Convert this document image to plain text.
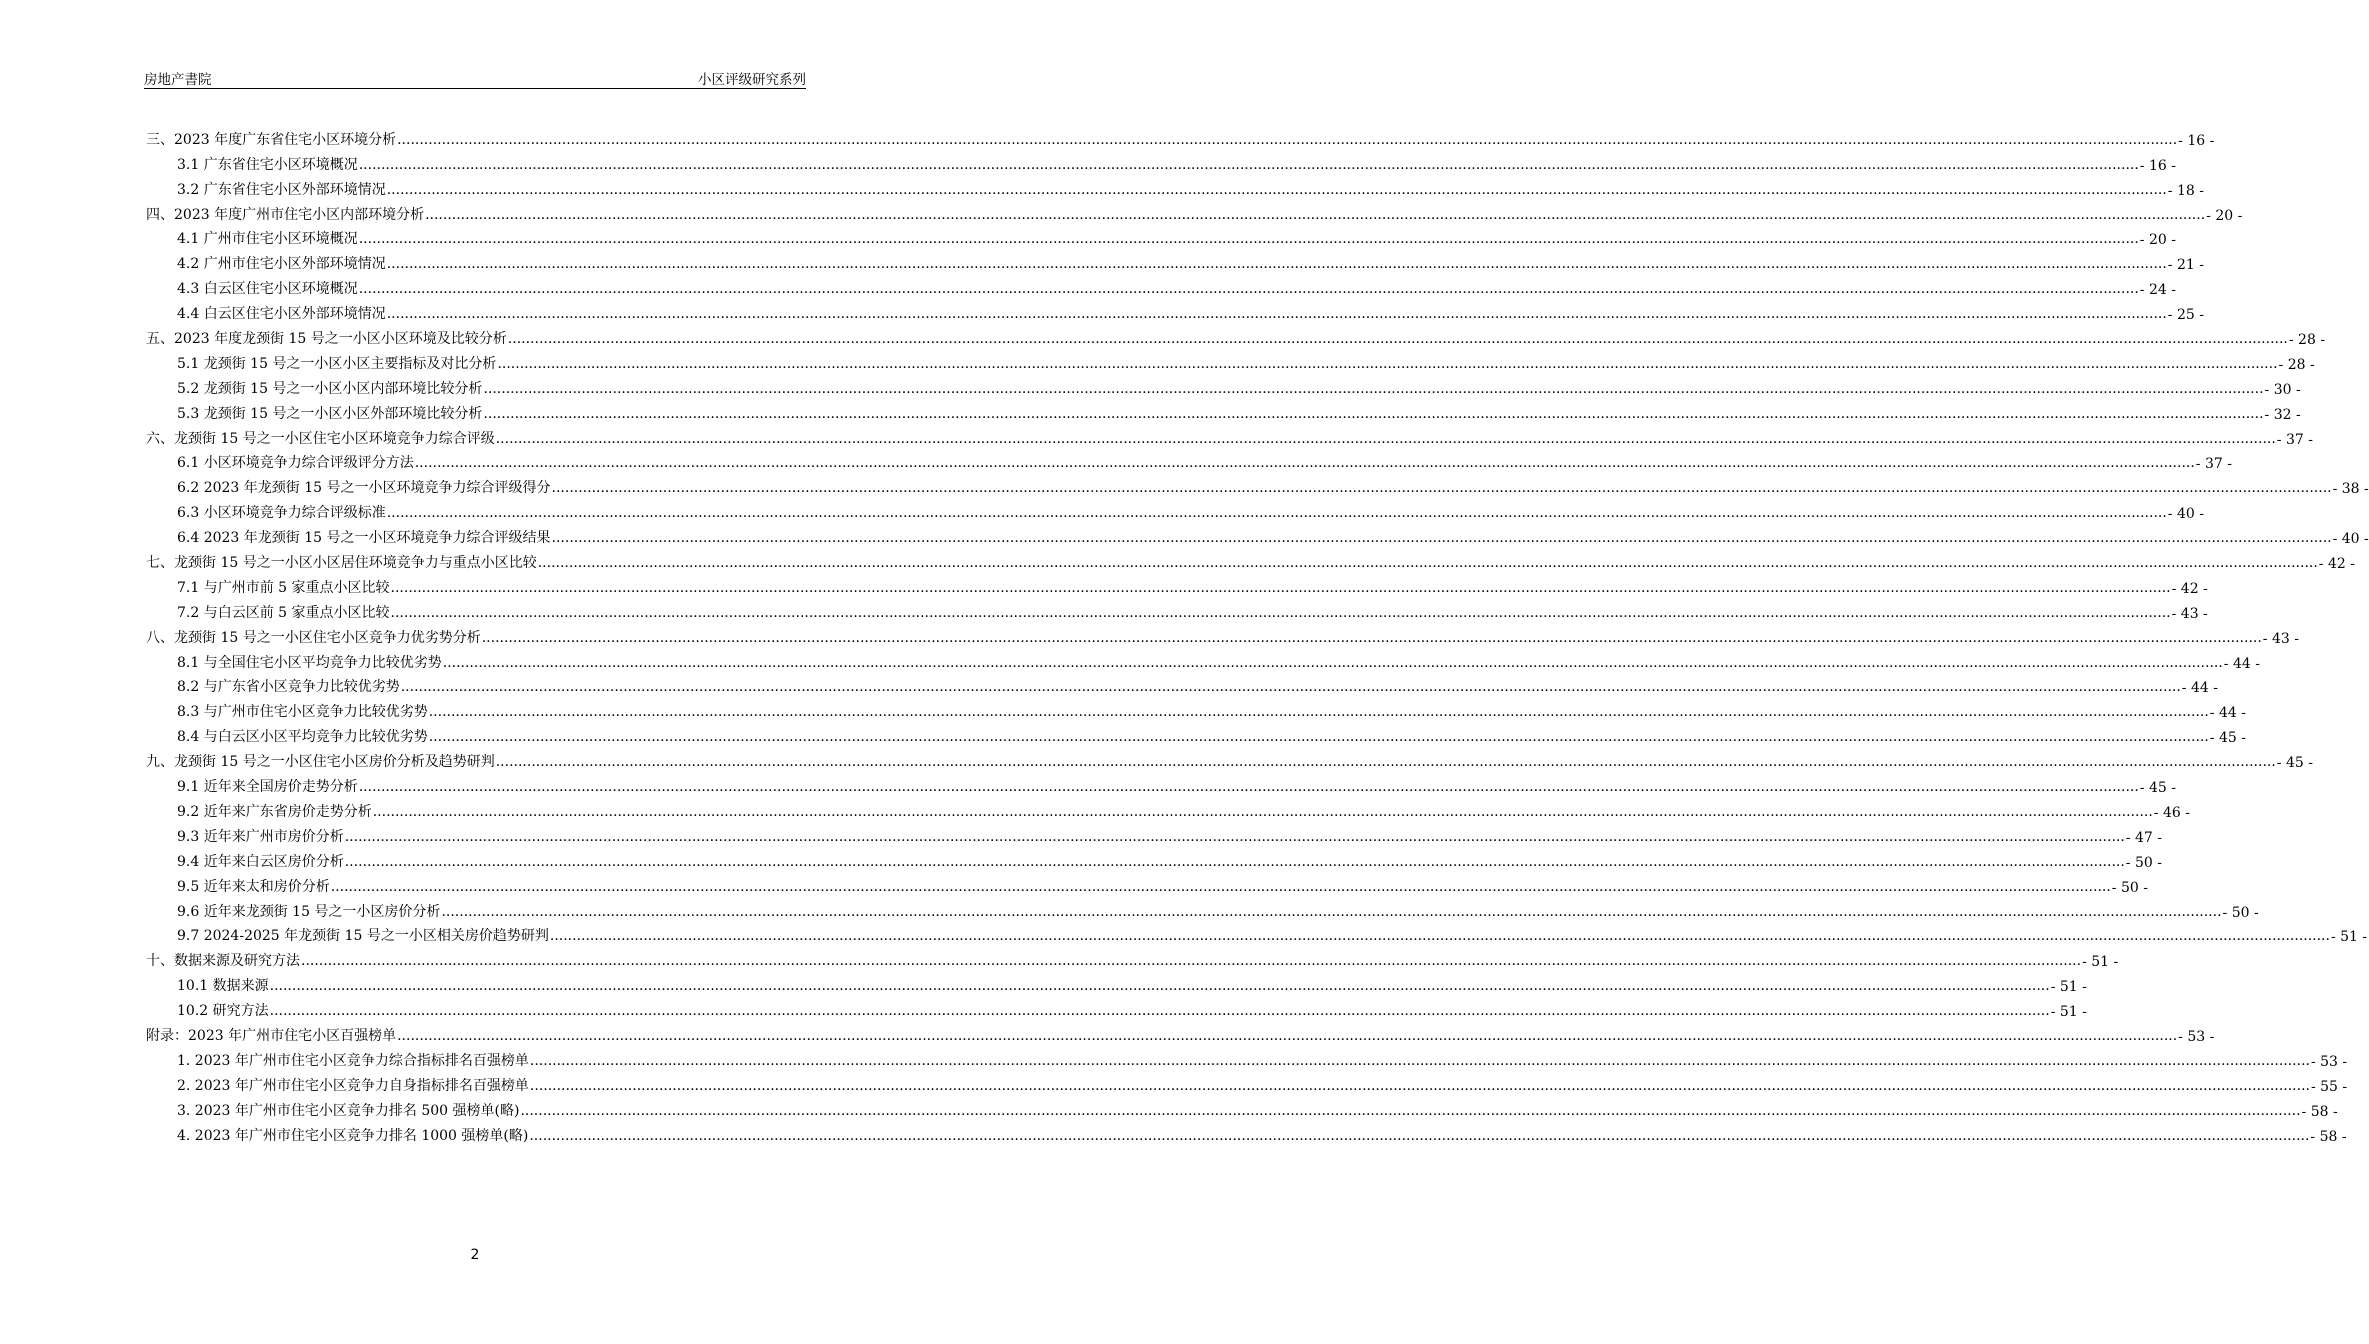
房地产書院	小区评级研究系列
三、2023 年度广东省住宅小区环境分析 ................................................................................................................................................................................................................................................................................................................................................................................................................ - 16 -
3.1 广东省住宅小区环境概况 ................................................................................................................................................................................................................................................................................................................................................................................................................ - 16 -
3.2 广东省住宅小区外部环境情况 ................................................................................................................................................................................................................................................................................................................................................................................................................ - 18 -
四、2023 年度广州市住宅小区内部环境分析 ................................................................................................................................................................................................................................................................................................................................................................................................................ - 20 -
4.1 广州市住宅小区环境概况 ................................................................................................................................................................................................................................................................................................................................................................................................................ - 20 -
4.2 广州市住宅小区外部环境情况 ................................................................................................................................................................................................................................................................................................................................................................................................................ - 21 -
4.3 白云区住宅小区环境概况 ................................................................................................................................................................................................................................................................................................................................................................................................................ - 24 -
4.4 白云区住宅小区外部环境情况 ................................................................................................................................................................................................................................................................................................................................................................................................................ - 25 -
五、2023 年度龙颈街 15 号之一小区小区环境及比较分析 ................................................................................................................................................................................................................................................................................................................................................................................................................ - 28 -
5.1 龙颈街 15 号之一小区小区主要指标及对比分析 ................................................................................................................................................................................................................................................................................................................................................................................................................ - 28 -
5.2 龙颈街 15 号之一小区小区内部环境比较分析 ................................................................................................................................................................................................................................................................................................................................................................................................................ - 30 -
5.3 龙颈街 15 号之一小区小区外部环境比较分析 ................................................................................................................................................................................................................................................................................................................................................................................................................ - 32 -
六、龙颈街 15 号之一小区住宅小区环境竞争力综合评级 ................................................................................................................................................................................................................................................................................................................................................................................................................ - 37 -
6.1 小区环境竞争力综合评级评分方法 ................................................................................................................................................................................................................................................................................................................................................................................................................ - 37 -
6.2 2023 年龙颈街 15 号之一小区环境竞争力综合评级得分 ................................................................................................................................................................................................................................................................................................................................................................................................................ - 38 -
6.3 小区环境竞争力综合评级标准 ................................................................................................................................................................................................................................................................................................................................................................................................................ - 40 -
6.4 2023 年龙颈街 15 号之一小区环境竞争力综合评级结果 ................................................................................................................................................................................................................................................................................................................................................................................................................ - 40 -
七、龙颈街 15 号之一小区小区居住环境竞争力与重点小区比较 ................................................................................................................................................................................................................................................................................................................................................................................................................ - 42 -
7.1 与广州市前 5 家重点小区比较 ................................................................................................................................................................................................................................................................................................................................................................................................................ - 42 -
7.2 与白云区前 5 家重点小区比较 ................................................................................................................................................................................................................................................................................................................................................................................................................ - 43 -
八、龙颈街 15 号之一小区住宅小区竞争力优劣势分析 ................................................................................................................................................................................................................................................................................................................................................................................................................ - 43 -
8.1 与全国住宅小区平均竞争力比较优劣势 ................................................................................................................................................................................................................................................................................................................................................................................................................ - 44 -
8.2 与广东省小区竞争力比较优劣势 ................................................................................................................................................................................................................................................................................................................................................................................................................ - 44 -
8.3 与广州市住宅小区竞争力比较优劣势 ................................................................................................................................................................................................................................................................................................................................................................................................................ - 44 -
8.4 与白云区小区平均竞争力比较优劣势 ................................................................................................................................................................................................................................................................................................................................................................................................................ - 45 -
九、龙颈街 15 号之一小区住宅小区房价分析及趋势研判 ................................................................................................................................................................................................................................................................................................................................................................................................................ - 45 -
9.1 近年来全国房价走势分析 ................................................................................................................................................................................................................................................................................................................................................................................................................ - 45 -
9.2 近年来广东省房价走势分析 ................................................................................................................................................................................................................................................................................................................................................................................................................ - 46 -
9.3 近年来广州市房价分析 ................................................................................................................................................................................................................................................................................................................................................................................................................ - 47 -
9.4 近年来白云区房价分析 ................................................................................................................................................................................................................................................................................................................................................................................................................ - 50 -
9.5 近年来太和房价分析 ................................................................................................................................................................................................................................................................................................................................................................................................................ - 50 -
9.6 近年来龙颈街 15 号之一小区房价分析 ................................................................................................................................................................................................................................................................................................................................................................................................................ - 50 -
9.7 2024-2025 年龙颈街 15 号之一小区相关房价趋势研判 ................................................................................................................................................................................................................................................................................................................................................................................................................ - 51 -
十、数据来源及研究方法 ................................................................................................................................................................................................................................................................................................................................................................................................................ - 51 -
10.1 数据来源 ................................................................................................................................................................................................................................................................................................................................................................................................................ - 51 -
10.2 研究方法 ................................................................................................................................................................................................................................................................................................................................................................................................................ - 51 -
附录：2023 年广州市住宅小区百强榜单 ................................................................................................................................................................................................................................................................................................................................................................................................................ - 53 -
1. 2023 年广州市住宅小区竞争力综合指标排名百强榜单 ................................................................................................................................................................................................................................................................................................................................................................................................................ - 53 -
2. 2023 年广州市住宅小区竞争力自身指标排名百强榜单 ................................................................................................................................................................................................................................................................................................................................................................................................................ - 55 -
3. 2023 年广州市住宅小区竞争力排名 500 强榜单(略) ................................................................................................................................................................................................................................................................................................................................................................................................................ - 58 -
4. 2023 年广州市住宅小区竞争力排名 1000 强榜单(略) ................................................................................................................................................................................................................................................................................................................................................................................................................ - 58 -
2
